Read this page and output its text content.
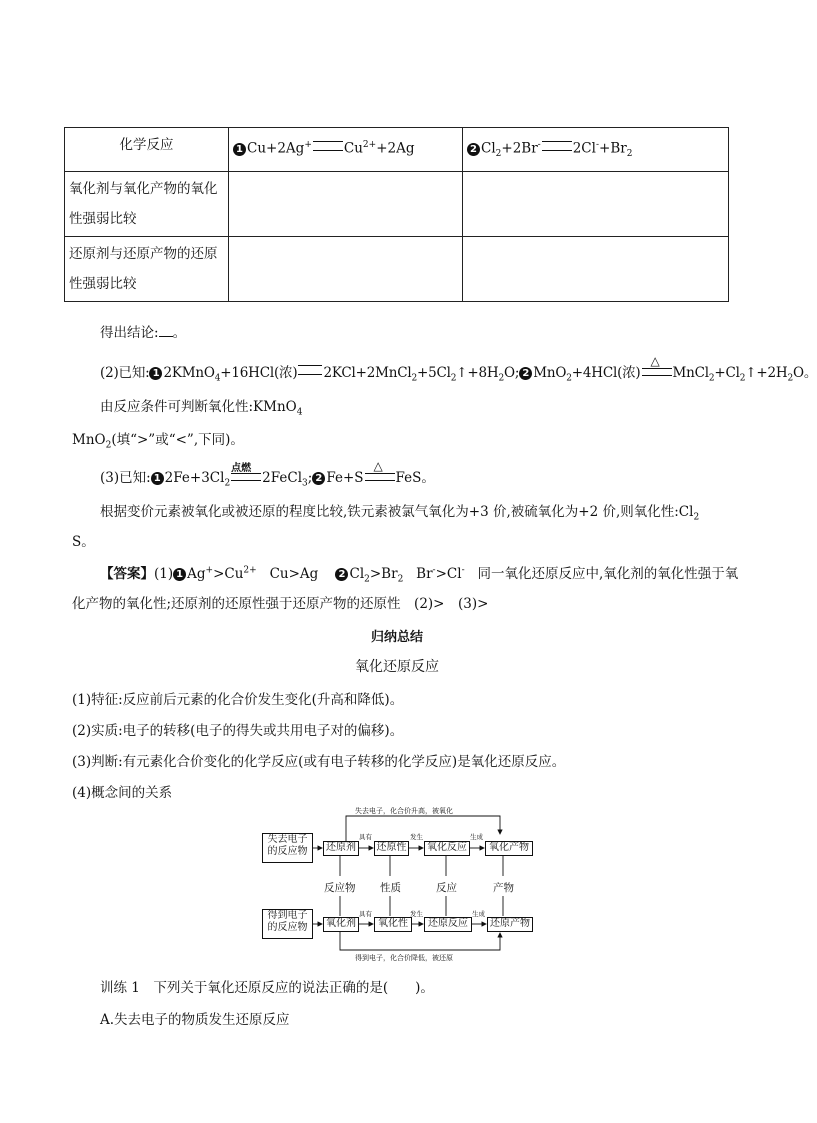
化学反应	1 Cu+2Ag+ $Cu^{2+}+2Ag$	2 $Cl_2+2Br^-$ $2Cl^-+Br_2$
氧化剂与氧化产物的氧化性强弱比较		
还原剂与还原产物的还原性强弱比较		
得出结论: 。
(2)已知: 1 2KMnO$_4$+16HCl(浓) $2KCl+2MnCl_2+5Cl_2↑+8H_2O$; 2 MnO$_2$+4HCl(浓)
△
$MnCl_2+Cl_2↑+2H_2O$。
由反应条件可判断氧化性:KMnO$_4$
MnO$_2$(填“>”或“<”,下同)。
(3)已知: 1 $2Fe+3Cl_2$
点燃
2FeCl$_3$; 2 Fe+S
△
FeS。
根据变价元素被氧化或被还原的程度比较,铁元素被氯气氧化为+3 价,被硫氧化为+2 价,则氧化性$:Cl_2$
S。
【答案】(1) 1 $Ag^+>Cu^{2+}$ Cu>Ag 2 $Cl_2>Br_2$ Br->Cl- 同一氧化还原反应中,氧化剂的氧化性强于氧
化产物的氧化性;还原剂的还原性强于还原产物的还原性　(2)>　(3)>
归纳总结
氧化还原反应
(1)特征:反应前后元素的化合价发生变化(升高和降低)。
(2)实质:电子的转移(电子的得失或共用电子对的偏移)。
(3)判断:有元素化合价变化的化学反应(或有电子转移的化学反应)是氧化还原反应。
(4)概念间的关系
失去电子，化合价升高，被氧化
得到电子，化合价降低，被还原
失去电子的反应物
得到电子的反应物
还原剂	还原性	氧化反应	氧化产物
氧化剂	氧化性	还原反应	还原产物
反应物 性质	反应	产物
具有	发生	生成
具有	发生	生成
训练 1　下列关于氧化还原反应的说法正确的是(　　)。
A.失去电子的物质发生还原反应
